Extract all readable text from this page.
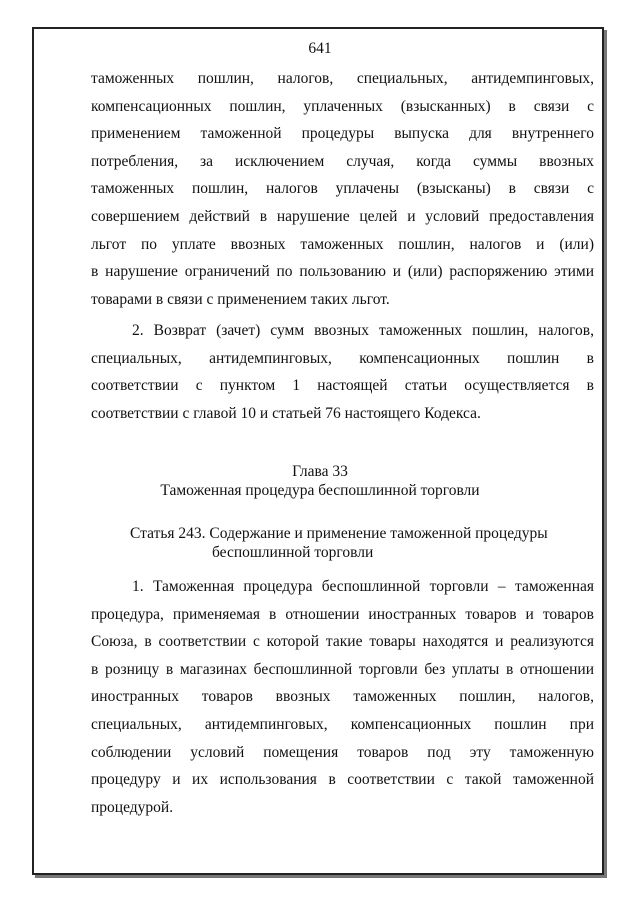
641
таможенных пошлин, налогов, специальных, антидемпинговых,
компенсационных пошлин, уплаченных (взысканных) в связи с
применением таможенной процедуры выпуска для внутреннего
потребления, за исключением случая, когда суммы ввозных
таможенных пошлин, налогов уплачены (взысканы) в связи с
совершением действий в нарушение целей и условий предоставления
льгот по уплате ввозных таможенных пошлин, налогов и (или)
в нарушение ограничений по пользованию и (или) распоряжению этими
товарами в связи с применением таких льгот.
2. Возврат (зачет) сумм ввозных таможенных пошлин, налогов,
специальных, антидемпинговых, компенсационных пошлин в
соответствии с пунктом 1 настоящей статьи осуществляется в
соответствии с главой 10 и статьей 76 настоящего Кодекса.
Глава 33
Таможенная процедура беспошлинной торговли
Статья 243. Содержание и применение таможенной процедуры
беспошлинной торговли
1. Таможенная процедура беспошлинной торговли – таможенная
процедура, применяемая в отношении иностранных товаров и товаров
Союза, в соответствии с которой такие товары находятся и реализуются
в розницу в магазинах беспошлинной торговли без уплаты в отношении
иностранных товаров ввозных таможенных пошлин, налогов,
специальных, антидемпинговых, компенсационных пошлин при
соблюдении условий помещения товаров под эту таможенную
процедуру и их использования в соответствии с такой таможенной
процедурой.
